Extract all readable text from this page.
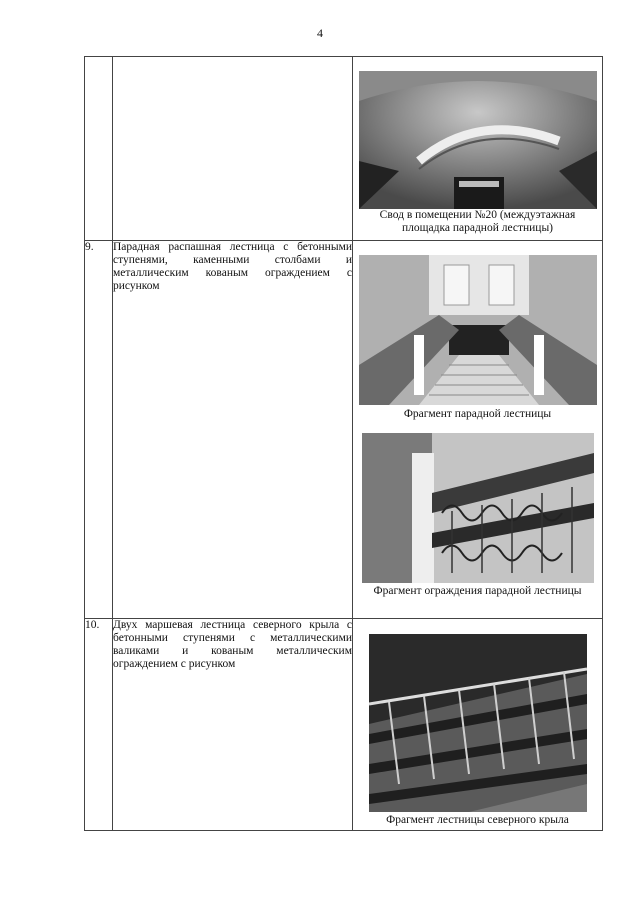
4

		Свод в помещении №20 (междуэтажная площадка парадной лестницы)

9.	Парадная распашная лестница с бетонными ступенями, каменными столбами и металлическим кованым ограждением с рисунком	Фрагмент парадной лестницы
Фрагмент ограждения парадной лестницы

10.	Двух маршевая лестница северного крыла с бетонными ступенями с металлическими валиками и кованым металлическим ограждением с рисунком	Фрагмент лестницы северного крыла
